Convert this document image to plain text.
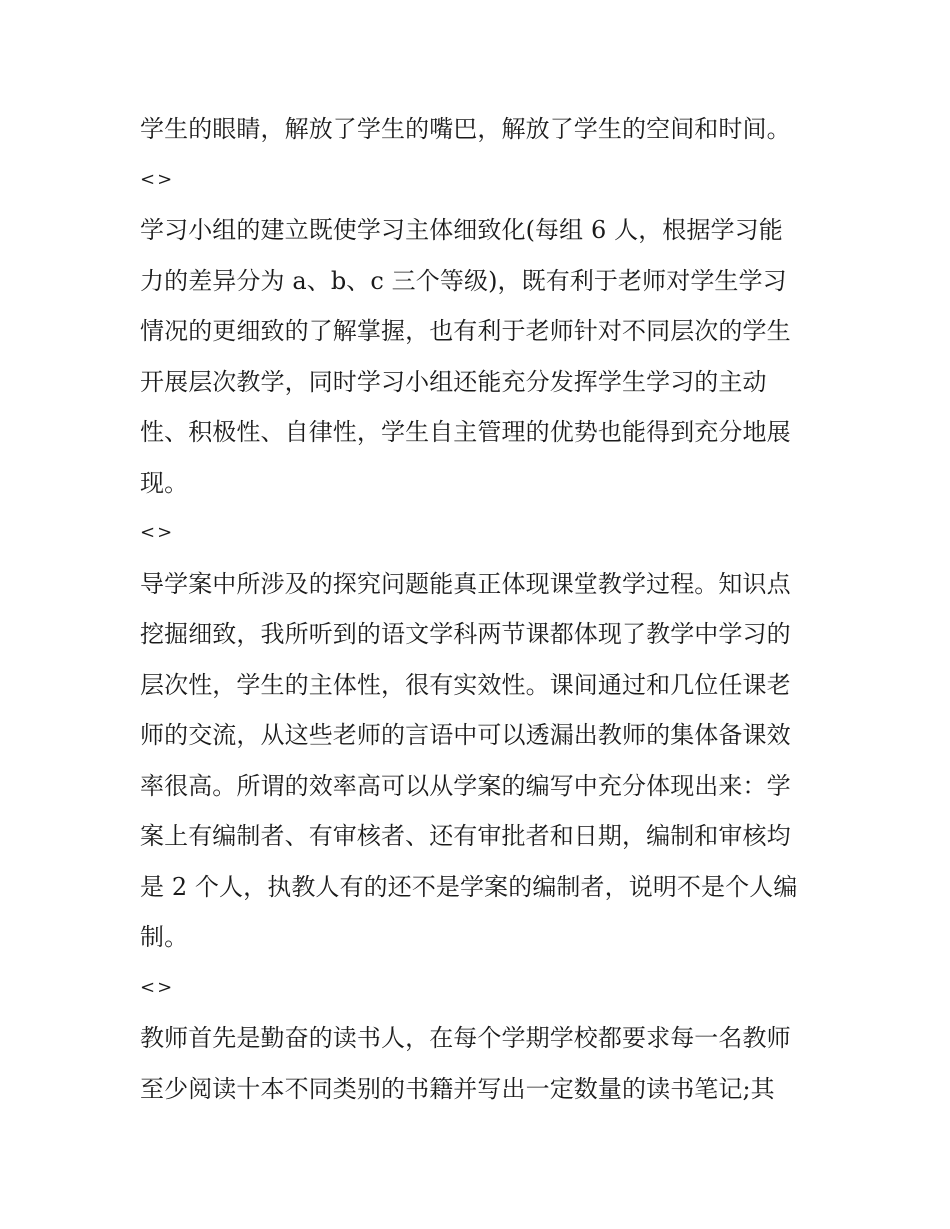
学生的眼睛，解放了学生的嘴巴，解放了学生的空间和时间。
<>
学习小组的建立既使学习主体细致化(每组 6 人，根据学习能
力的差异分为 a、b、c 三个等级)，既有利于老师对学生学习
情况的更细致的了解掌握，也有利于老师针对不同层次的学生
开展层次教学，同时学习小组还能充分发挥学生学习的主动
性、积极性、自律性，学生自主管理的优势也能得到充分地展
现。
<>
导学案中所涉及的探究问题能真正体现课堂教学过程。知识点
挖掘细致，我所听到的语文学科两节课都体现了教学中学习的
层次性，学生的主体性，很有实效性。课间通过和几位任课老
师的交流，从这些老师的言语中可以透漏出教师的集体备课效
率很高。所谓的效率高可以从学案的编写中充分体现出来：学
案上有编制者、有审核者、还有审批者和日期，编制和审核均
是 2 个人，执教人有的还不是学案的编制者，说明不是个人编
制。
<>
教师首先是勤奋的读书人，在每个学期学校都要求每一名教师
至少阅读十本不同类别的书籍并写出一定数量的读书笔记;其
